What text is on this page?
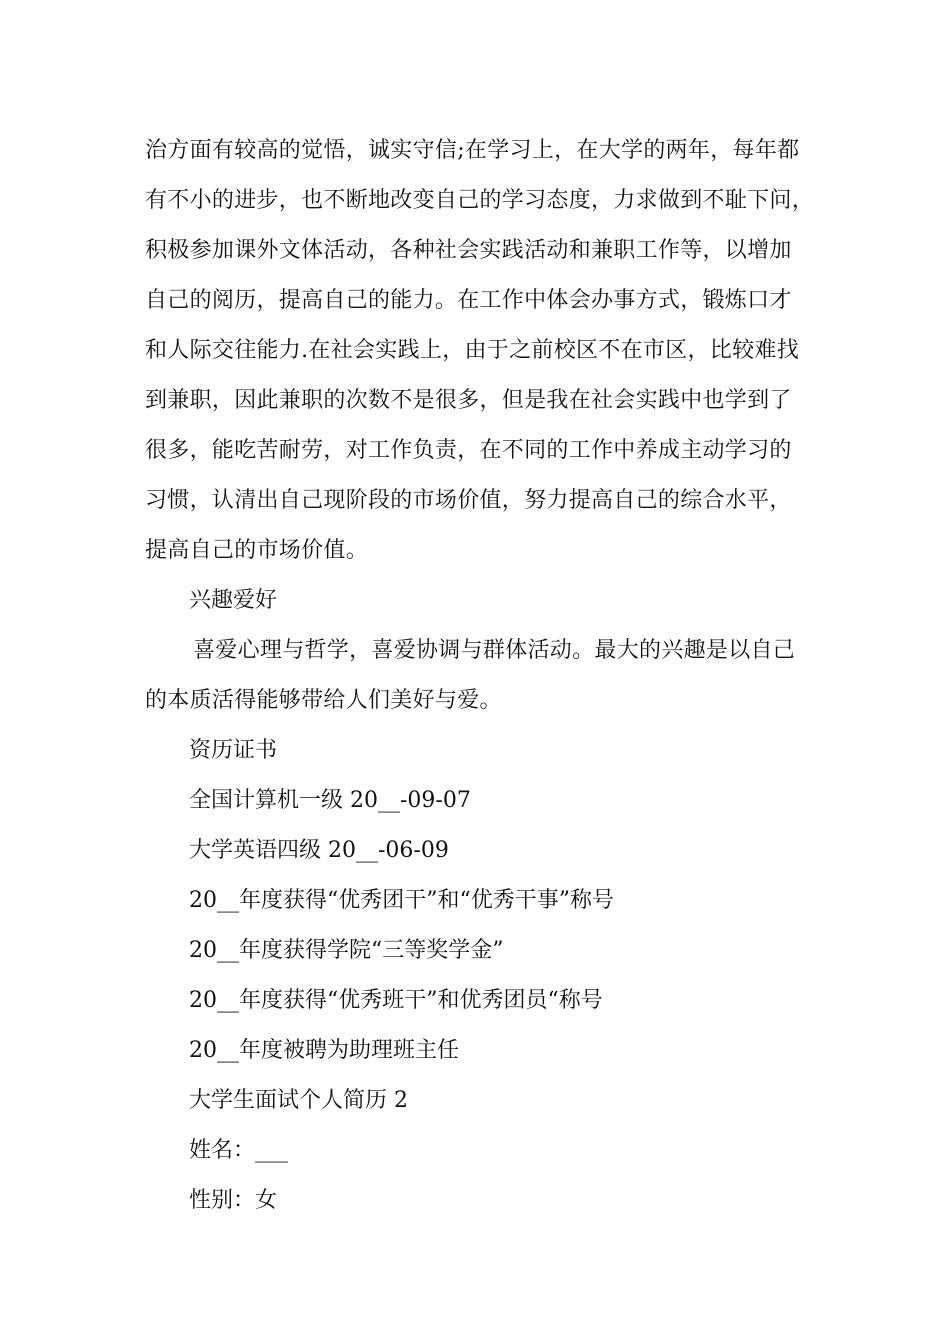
治方面有较高的觉悟，诚实守信;在学习上，在大学的两年，每年都
有不小的进步，也不断地改变自己的学习态度，力求做到不耻下问，
积极参加课外文体活动，各种社会实践活动和兼职工作等，以增加
自己的阅历，提高自己的能力。在工作中体会办事方式，锻炼口才
和人际交往能力.在社会实践上，由于之前校区不在市区，比较难找
到兼职，因此兼职的次数不是很多，但是我在社会实践中也学到了
很多，能吃苦耐劳，对工作负责，在不同的工作中养成主动学习的
习惯，认清出自己现阶段的市场价值，努力提高自己的综合水平，
提高自己的市场价值。
兴趣爱好
喜爱心理与哲学，喜爱协调与群体活动。最大的兴趣是以自己
的本质活得能够带给人们美好与爱。
资历证书
全国计算机一级 20__-09-07
大学英语四级 20__-06-09
20__年度获得“优秀团干”和“优秀干事”称号
20__年度获得学院“三等奖学金”
20__年度获得“优秀班干”和优秀团员“称号
20__年度被聘为助理班主任
大学生面试个人简历 2
姓名：___
性别：女
